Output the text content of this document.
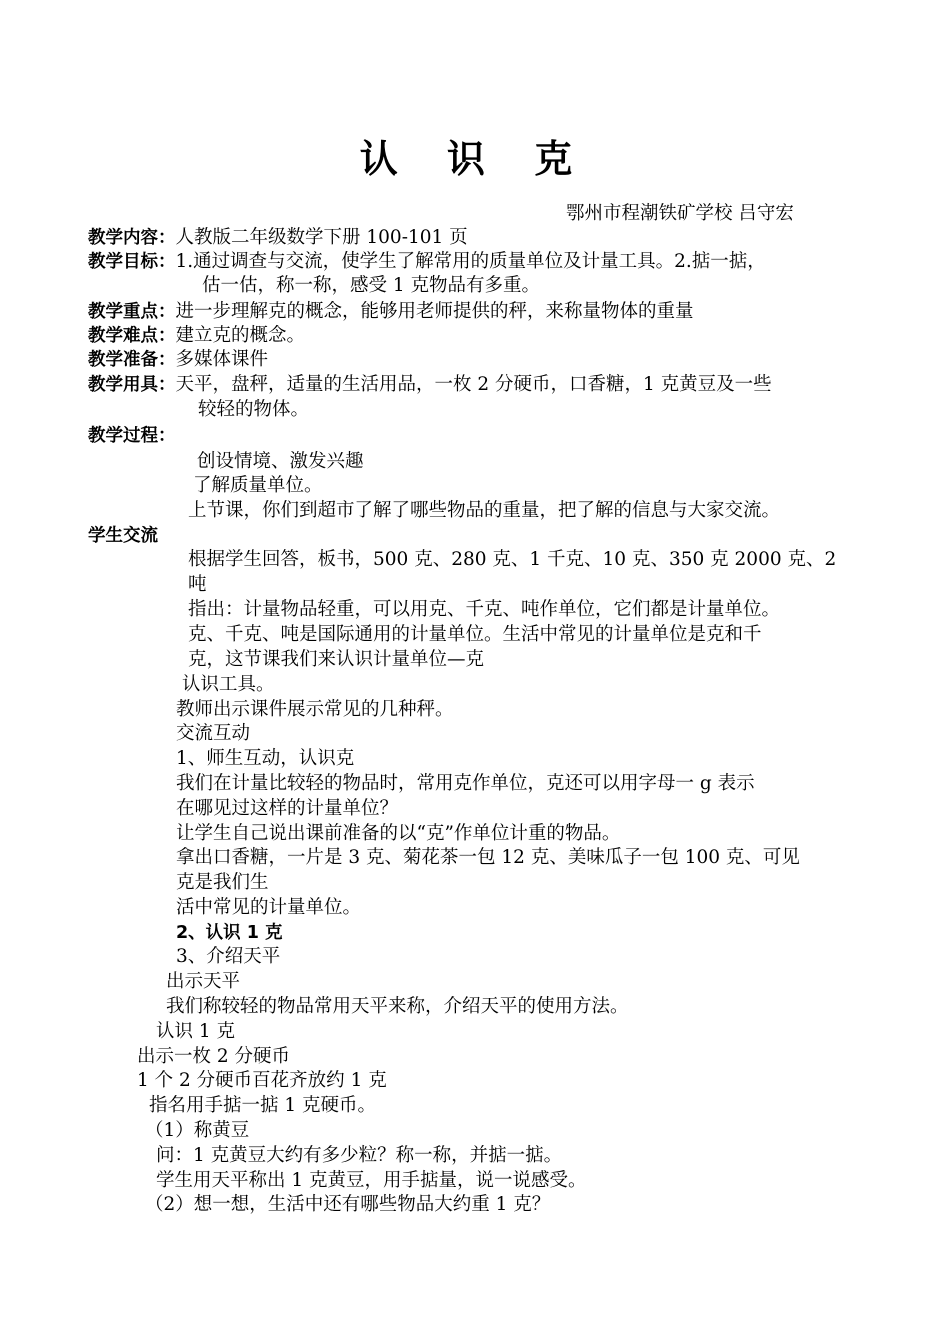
认 识 克
鄂州市程潮铁矿学校 吕守宏
教学内容：人教版二年级数学下册 100-101 页
教学目标：1.通过调查与交流，使学生了解常用的质量单位及计量工具。2.掂一掂，
估一估，称一称，感受 1 克物品有多重。
教学重点：进一步理解克的概念，能够用老师提供的秤，来称量物体的重量
教学难点：建立克的概念。
教学准备：多媒体课件
教学用具：天平，盘秤，适量的生活用品，一枚 2 分硬币，口香糖，1 克黄豆及一些
较轻的物体。
教学过程：
创设情境、激发兴趣
了解质量单位。
上节课，你们到超市了解了哪些物品的重量，把了解的信息与大家交流。
学生交流
根据学生回答，板书，500 克、280 克、1 千克、10 克、350 克 2000 克、2
吨
指出：计量物品轻重，可以用克、千克、吨作单位，它们都是计量单位。
克、千克、吨是国际通用的计量单位。生活中常见的计量单位是克和千
克，这节课我们来认识计量单位—克
认识工具。
教师出示课件展示常见的几种秤。
交流互动
1、师生互动，认识克
我们在计量比较轻的物品时，常用克作单位，克还可以用字母一 g 表示
在哪见过这样的计量单位？
让学生自己说出课前准备的以“克”作单位计重的物品。
拿出口香糖，一片是 3 克、菊花茶一包 12 克、美味瓜子一包 100 克、可见
克是我们生
活中常见的计量单位。
2、认识 1 克
3、介绍天平
出示天平
我们称较轻的物品常用天平来称，介绍天平的使用方法。
认识 1 克
出示一枚 2 分硬币
1 个 2 分硬币百花齐放约 1 克
指名用手掂一掂 1 克硬币。
（1）称黄豆
问：1 克黄豆大约有多少粒？称一称，并掂一掂。
学生用天平称出 1 克黄豆，用手掂量，说一说感受。
（2）想一想，生活中还有哪些物品大约重 1 克？
